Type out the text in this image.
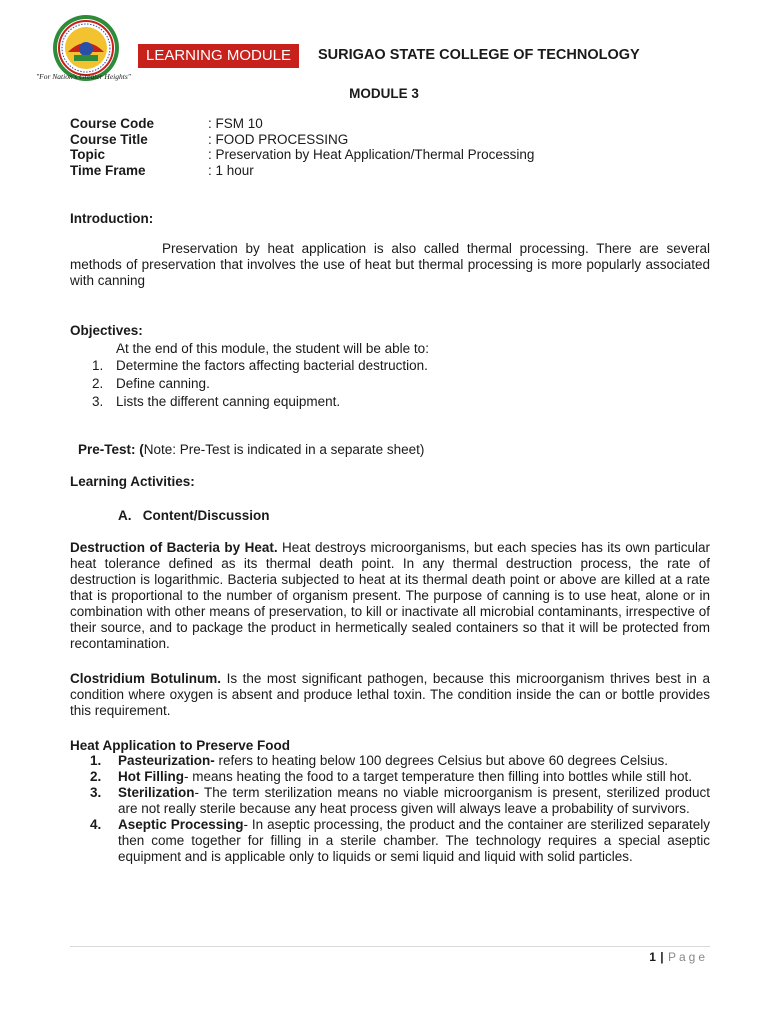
"For Nation's Greater Heights"
LEARNING MODULE	SURIGAO STATE COLLEGE OF TECHNOLOGY
MODULE 3
Course Code	: FSM 10
Course Title	: FOOD PROCESSING
Topic	: Preservation by Heat Application/Thermal Processing
Time Frame	: 1 hour
Introduction:
Preservation by heat application is also called thermal processing. There are several methods of preservation that involves the use of heat but thermal processing is more popularly associated with canning
Objectives:
At the end of this module, the student will be able to:
1. Determine the factors affecting bacterial destruction.
2. Define canning.
3. Lists the different canning equipment.
Pre-Test: (Note: Pre-Test is indicated in a separate sheet)
Learning Activities:
A.   Content/Discussion
Destruction of Bacteria by Heat. Heat destroys microorganisms, but each species has its own particular heat tolerance defined as its thermal death point. In any thermal destruction process, the rate of destruction is logarithmic. Bacteria subjected to heat at its thermal death point or above are killed at a rate that is proportional to the number of organism present. The purpose of canning is to use heat, alone or in combination with other means of preservation, to kill or inactivate all microbial contaminants, irrespective of their source, and to package the product in hermetically sealed containers so that it will be protected from recontamination.
Clostridium Botulinum. Is the most significant pathogen, because this microorganism thrives best in a condition where oxygen is absent and produce lethal toxin. The condition inside the can or bottle provides this requirement.
Heat Application to Preserve Food
1.	Pasteurization- refers to heating below 100 degrees Celsius but above 60 degrees Celsius.
2.	Hot Filling- means heating the food to a target temperature then filling into bottles while still hot.
3.	Sterilization- The term sterilization means no viable microorganism is present, sterilized product are not really sterile because any heat process given will always leave a probability of survivors.
4.	Aseptic Processing- In aseptic processing, the product and the container are sterilized separately then come together for filling in a sterile chamber. The technology requires a special aseptic equipment and is applicable only to liquids or semi liquid and liquid with solid particles.
1 | Page
